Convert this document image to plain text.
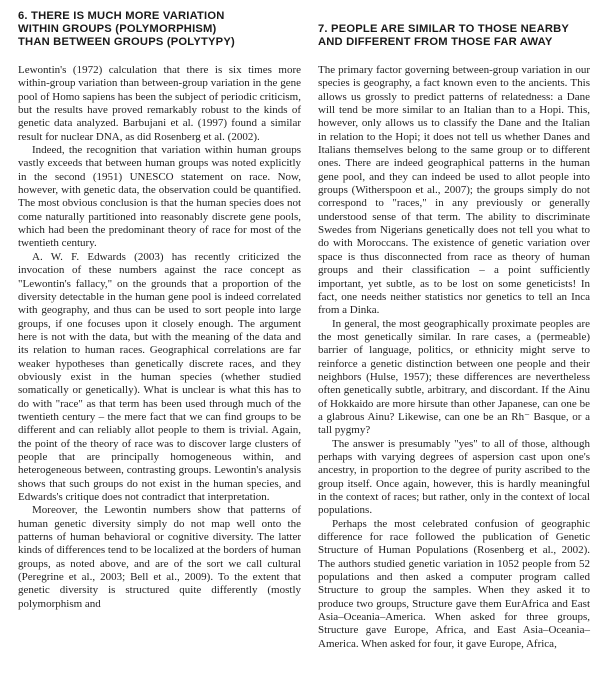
6. THERE IS MUCH MORE VARIATION
WITHIN GROUPS (POLYMORPHISM)
THAN BETWEEN GROUPS (POLYTYPY)

Lewontin's (1972) calculation that there is six times more within-group variation than between-group variation in the gene pool of Homo sapiens has been the subject of periodic criticism, but the results have proved remarkably robust to the kinds of genetic data analyzed. Barbujani et al. (1997) found a similar result for nuclear DNA, as did Rosenberg et al. (2002).

Indeed, the recognition that variation within human groups vastly exceeds that between human groups was noted explicitly in the second (1951) UNESCO statement on race. Now, however, with genetic data, the observation could be quantified. The most obvious conclusion is that the human species does not come naturally partitioned into reasonably discrete gene pools, which had been the predominant theory of race for most of the twentieth century.

A. W. F. Edwards (2003) has recently criticized the invocation of these numbers against the race concept as "Lewontin's fallacy," on the grounds that a proportion of the diversity detectable in the human gene pool is indeed correlated with geography, and thus can be used to sort people into large groups, if one focuses upon it closely enough. The argument here is not with the data, but with the meaning of the data and its relation to human races. Geographical correlations are far weaker hypotheses than genetically discrete races, and they obviously exist in the human species (whether studied somatically or genetically). What is unclear is what this has to do with "race" as that term has been used through much of the twentieth century – the mere fact that we can find groups to be different and can reliably allot people to them is trivial. Again, the point of the theory of race was to discover large clusters of people that are principally homogeneous within, and heterogeneous between, contrasting groups. Lewontin's analysis shows that such groups do not exist in the human species, and Edwards's critique does not contradict that interpretation.

Moreover, the Lewontin numbers show that patterns of human genetic diversity simply do not map well onto the patterns of human behavioral or cognitive diversity. The latter kinds of differences tend to be localized at the borders of human groups, as noted above, and are of the sort we call cultural (Peregrine et al., 2003; Bell et al., 2009). To the extent that genetic diversity is structured quite differently (mostly polymorphism and

7. PEOPLE ARE SIMILAR TO THOSE NEARBY
AND DIFFERENT FROM THOSE FAR AWAY

The primary factor governing between-group variation in our species is geography, a fact known even to the ancients. This allows us grossly to predict patterns of relatedness: a Dane will tend be more similar to an Italian than to a Hopi. This, however, only allows us to classify the Dane and the Italian in relation to the Hopi; it does not tell us whether Danes and Italians themselves belong to the same group or to different ones. There are indeed geographical patterns in the human gene pool, and they can indeed be used to allot people into groups (Witherspoon et al., 2007); the groups simply do not correspond to "races," in any previously or generally understood sense of that term. The ability to discriminate Swedes from Nigerians genetically does not tell you what to do with Moroccans. The existence of genetic variation over space is thus disconnected from race as theory of human groups and their classification – a point sufficiently important, yet subtle, as to be lost on some geneticists! In fact, one needs neither statistics nor genetics to tell an Inca from a Dinka.

In general, the most geographically proximate peoples are the most genetically similar. In rare cases, a (permeable) barrier of language, politics, or ethnicity might serve to reinforce a genetic distinction between one people and their neighbors (Hulse, 1957); these differences are nevertheless often genetically subtle, arbitrary, and discordant. If the Ainu of Hokkaido are more hirsute than other Japanese, can one be a glabrous Ainu? Likewise, can one be an Rh⁻ Basque, or a tall pygmy?

The answer is presumably "yes" to all of those, although perhaps with varying degrees of aspersion cast upon one's ancestry, in proportion to the degree of purity ascribed to the group itself. Once again, however, this is hardly meaningful in the context of races; but rather, only in the context of local populations.

Perhaps the most celebrated confusion of geographic difference for race followed the publication of Genetic Structure of Human Populations (Rosenberg et al., 2002). The authors studied genetic variation in 1052 people from 52 populations and then asked a computer program called Structure to group the samples. When they asked it to produce two groups, Structure gave them EurAfrica and East Asia–Oceania–America. When asked for three groups, Structure gave Europe, Africa, and East Asia–Oceania–America. When asked for four, it gave Europe, Africa,
